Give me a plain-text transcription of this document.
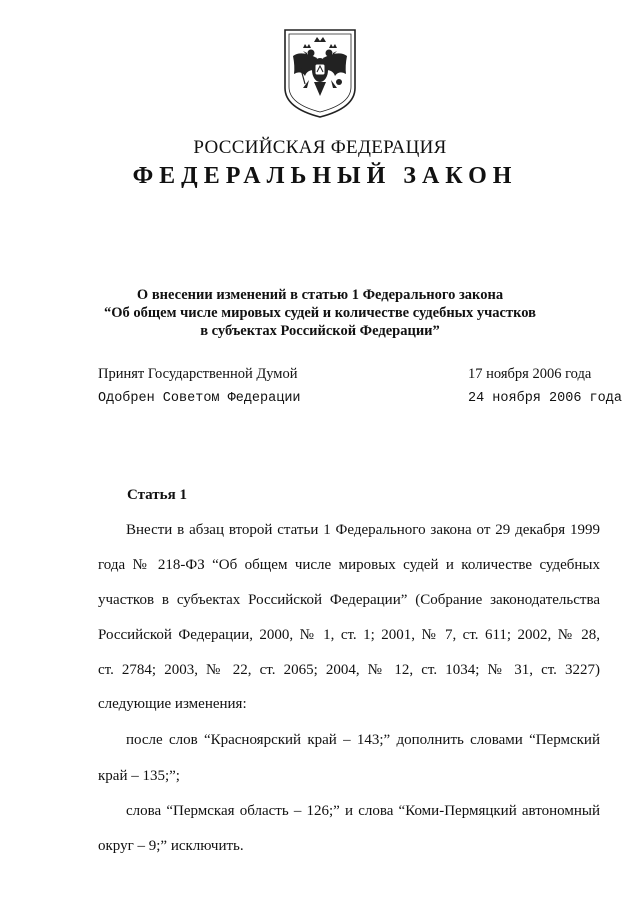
РОССИЙСКАЯ ФЕДЕРАЦИЯ
ФЕДЕРАЛЬНЫЙ ЗАКОН
О внесении изменений в статью 1 Федерального закона
“Об общем числе мировых судей и количестве судебных участков
в субъектах Российской Федерации”
Принят Государственной Думой	17 ноября 2006 года
Одобрен Советом Федерации	24 ноября 2006 года
Статья 1
Внести в абзац второй статьи 1 Федерального закона от 29 декабря 1999
года № 218-ФЗ “Об общем числе мировых судей и количестве судебных
участков в субъектах Российской Федерации” (Собрание законодательства
Российской Федерации, 2000, № 1, ст. 1; 2001, № 7, ст. 611; 2002, № 28,
ст. 2784; 2003, № 22, ст. 2065; 2004, № 12, ст. 1034; № 31, ст. 3227)
следующие изменения:
после слов “Красноярский край – 143;” дополнить словами “Пермский
край – 135;”;
слова “Пермская область – 126;” и слова “Коми-Пермяцкий автономный
округ – 9;” исключить.
